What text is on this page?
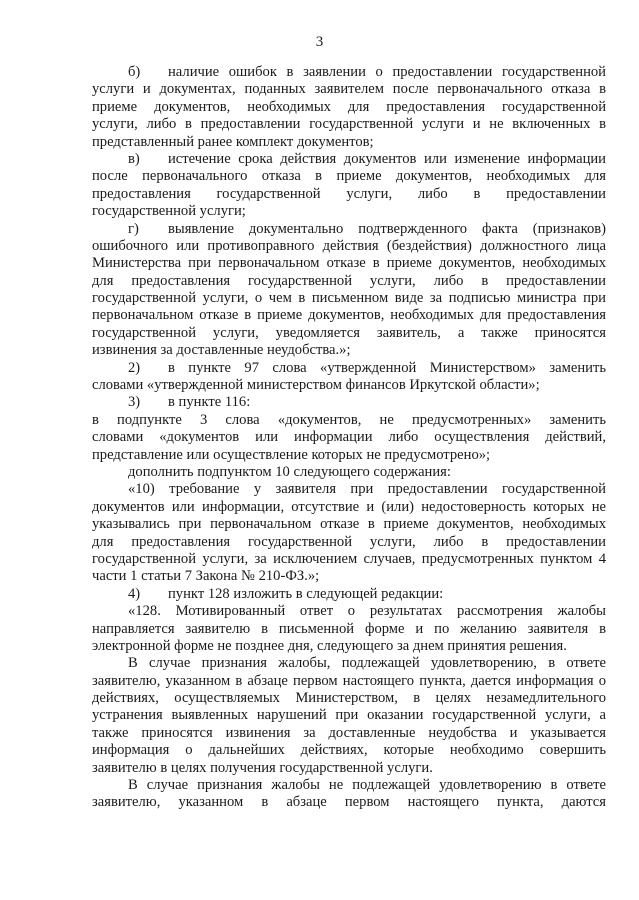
3
б) наличие ошибок в заявлении о предоставлении государственной
услуги и документах, поданных заявителем после первоначального отказа в
приеме документов, необходимых для предоставления государственной
услуги, либо в предоставлении государственной услуги и не включенных в
представленный ранее комплект документов;
в) истечение срока действия документов или изменение информации
после первоначального отказа в приеме документов, необходимых для
предоставления государственной услуги, либо в предоставлении
государственной услуги;
г) выявление документально подтвержденного факта (признаков)
ошибочного или противоправного действия (бездействия) должностного лица
Министерства при первоначальном отказе в приеме документов, необходимых
для предоставления государственной услуги, либо в предоставлении
государственной услуги, о чем в письменном виде за подписью министра при
первоначальном отказе в приеме документов, необходимых для предоставления
государственной услуги, уведомляется заявитель, а также приносятся
извинения за доставленные неудобства.»;
2) в пункте 97 слова «утвержденной Министерством» заменить
словами «утвержденной министерством финансов Иркутской области»;
3) в пункте 116:
в подпункте 3 слова «документов, не предусмотренных» заменить
словами «документов или информации либо осуществления действий,
представление или осуществление которых не предусмотрено»;
дополнить подпунктом 10 следующего содержания:
«10) требование у заявителя при предоставлении государственной
документов или информации, отсутствие и (или) недостоверность которых не
указывались при первоначальном отказе в приеме документов, необходимых
для предоставления государственной услуги, либо в предоставлении
государственной услуги, за исключением случаев, предусмотренных пунктом 4
части 1 статьи 7 Закона № 210-ФЗ.»;
4) пункт 128 изложить в следующей редакции:
«128. Мотивированный ответ о результатах рассмотрения жалобы
направляется заявителю в письменной форме и по желанию заявителя в
электронной форме не позднее дня, следующего за днем принятия решения.
В случае признания жалобы, подлежащей удовлетворению, в ответе
заявителю, указанном в абзаце первом настоящего пункта, дается информация о
действиях, осуществляемых Министерством, в целях незамедлительного
устранения выявленных нарушений при оказании государственной услуги, а
также приносятся извинения за доставленные неудобства и указывается
информация о дальнейших действиях, которые необходимо совершить
заявителю в целях получения государственной услуги.
В случае признания жалобы не подлежащей удовлетворению в ответе
заявителю, указанном в абзаце первом настоящего пункта, даются
